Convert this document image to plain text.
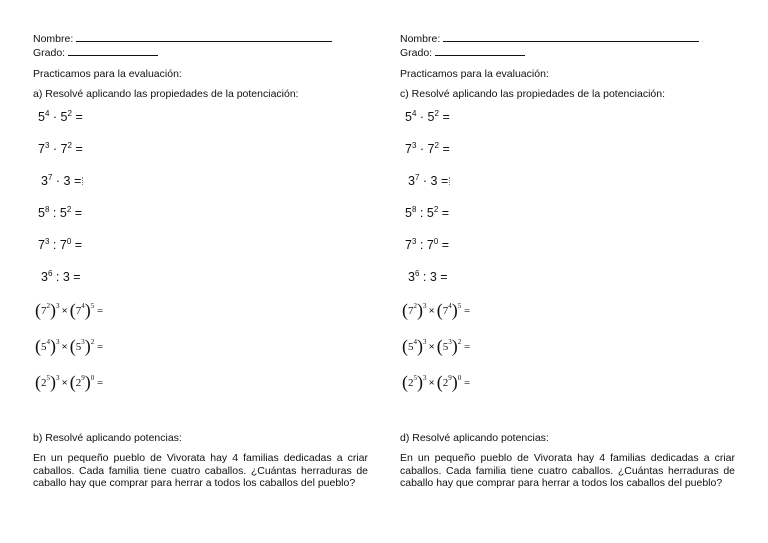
Nombre:
Grado:
Practicamos para la evaluación:
a) Resolvé aplicando las propiedades de la potenciación:
$5^4 \cdot 5^2$ =
$7^3 \cdot 7^2$ =
$3^7 \cdot 3$ =
$5^8$ : $5^2$ =
$7^3$ : $7^0$ =
$3^6$ : 3 =
$(7^2)^3 \times (7^4)^5$ =
$(5^4)^3 \times (5^3)^2$ =
$(2^5)^3 \times (2^9)^0$ =
b) Resolvé aplicando potencias:
En un pequeño pueblo de Vivorata hay 4 familias dedicadas a criar caballos. Cada familia tiene cuatro caballos. ¿Cuántas herraduras de caballo hay que comprar para herrar a todos los caballos del pueblo?
Nombre:
Grado:
Practicamos para la evaluación:
c) Resolvé aplicando las propiedades de la potenciación:
$5^4 \cdot 5^2$ =
$7^3 \cdot 7^2$ =
$3^7 \cdot 3$ =
$5^8$ : $5^2$ =
$7^3$ : $7^0$ =
$3^6$ : 3 =
$(7^2)^3 \times (7^4)^5$ =
$(5^4)^3 \times (5^3)^2$ =
$(2^5)^3 \times (2^9)^0$ =
d) Resolvé aplicando potencias:
En un pequeño pueblo de Vivorata hay 4 familias dedicadas a criar caballos. Cada familia tiene cuatro caballos. ¿Cuántas herraduras de caballo hay que comprar para herrar a todos los caballos del pueblo?
